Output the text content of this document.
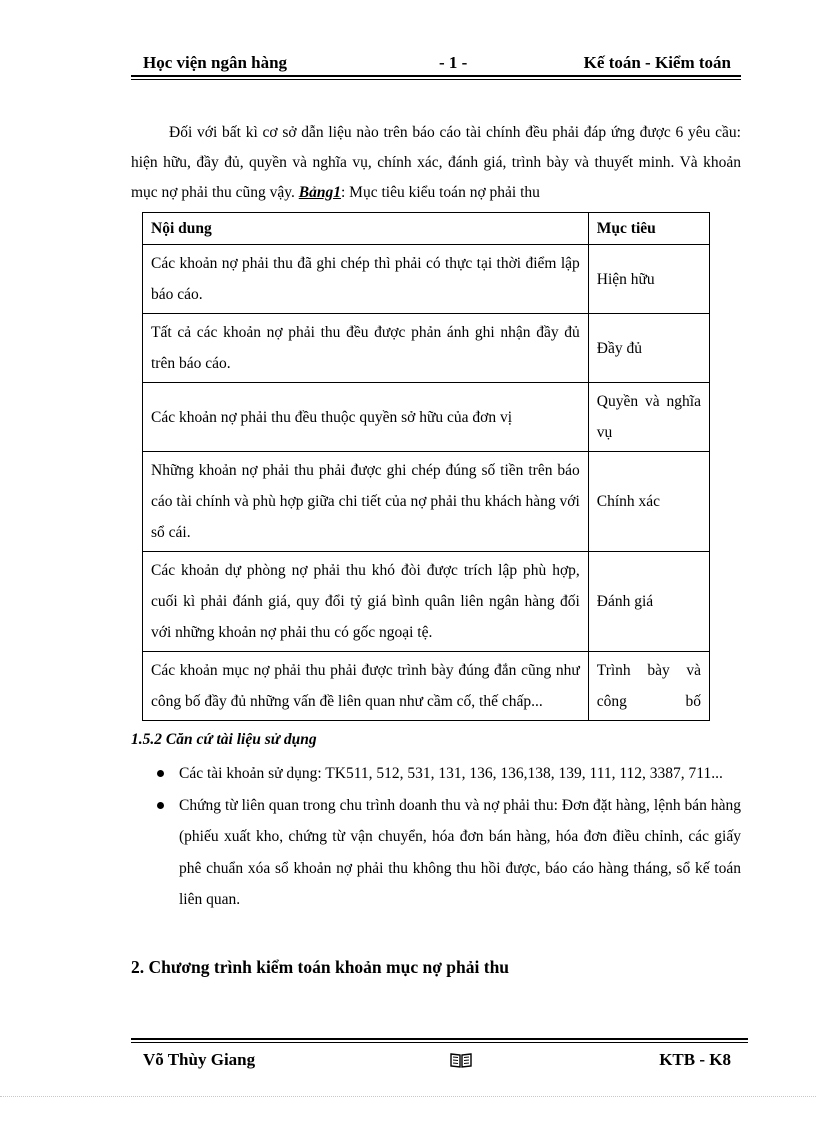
Học viện ngân hàng	- 1 -	Kế toán - Kiểm toán
Đối với bất kì cơ sở dẫn liệu nào trên báo cáo tài chính đều phải đáp ứng được 6 yêu cầu: hiện hữu, đầy đủ, quyền và nghĩa vụ, chính xác, đánh giá, trình bày và thuyết minh. Và khoản mục nợ phải thu cũng vậy. Bảng1: Mục tiêu kiểu toán nợ phải thu
Nội dung	Mục tiêu
Các khoản nợ phải thu đã ghi chép thì phải có thực tại thời điểm lập báo cáo.	Hiện hữu
Tất cả các khoản nợ phải thu đều được phản ánh ghi nhận đầy đủ trên báo cáo.	Đầy đủ
Các khoản nợ phải thu đều thuộc quyền sở hữu của đơn vị	Quyền và nghĩa vụ
Những khoản nợ phải thu phải được ghi chép đúng số tiền trên báo cáo tài chính và phù hợp giữa chi tiết của nợ phải thu khách hàng với sổ cái.	Chính xác
Các khoản dự phòng nợ phải thu khó đòi được trích lập phù hợp, cuối kì phải đánh giá, quy đổi tỷ giá bình quân liên ngân hàng đối với những khoản nợ phải thu có gốc ngoại tệ.	Đánh giá
Các khoản mục nợ phải thu phải được trình bày đúng đắn cũng như công bố đầy đủ những vấn đề liên quan như cầm cố, thế chấp...	Trình bày và công bố
1.5.2 Căn cứ tài liệu sử dụng
Các tài khoản sử dụng: TK511, 512, 531, 131, 136, 136,138, 139, 111, 112, 3387, 711...
Chứng từ liên quan trong chu trình doanh thu và nợ phải thu: Đơn đặt hàng, lệnh bán hàng (phiếu xuất kho, chứng từ vận chuyển, hóa đơn bán hàng, hóa đơn điều chỉnh, các giấy phê chuẩn xóa sổ khoản nợ phải thu không thu hồi được, báo cáo hàng tháng, sổ kế toán liên quan.
2. Chương trình kiểm toán khoản mục nợ phải thu
Võ Thùy Giang	KTB - K8
